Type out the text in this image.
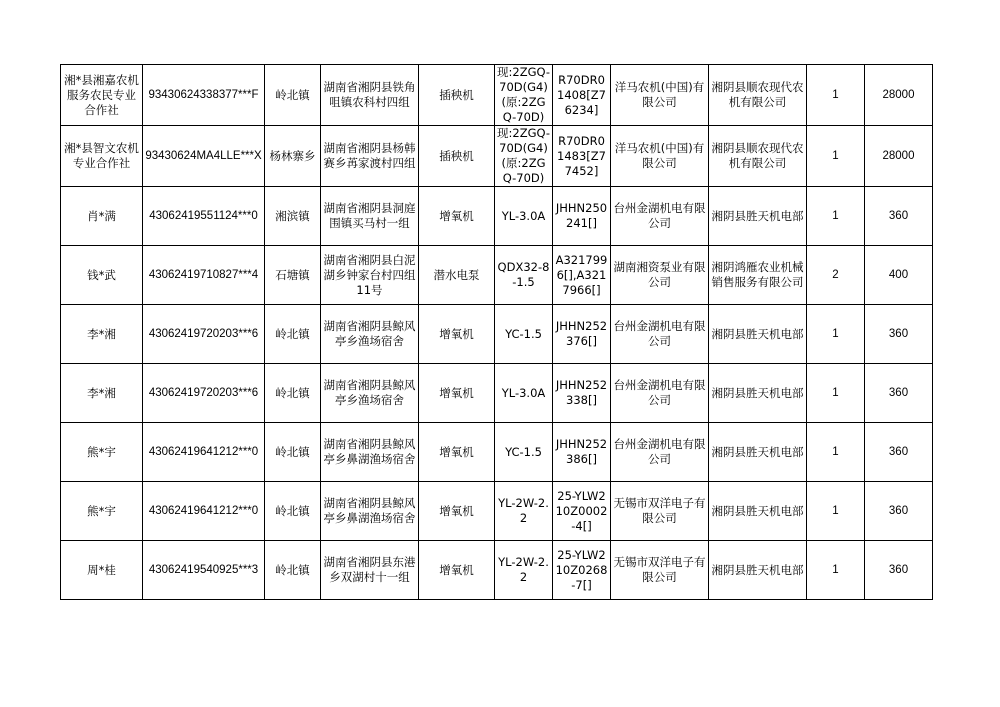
湘*县湘嘉农机服务农民专业合作社	93430624338377***F	岭北镇	湖南省湘阴县铁角咀镇农科村四组	插秧机	现:2ZGQ-70D(G4)(原:2ZGQ-70D)	R70DR01408[Z76234]	洋马农机(中国)有限公司	湘阴县顺农现代农机有限公司	1	28000
湘*县智文农机专业合作社	93430624MA4LLE***X	杨林寨乡	湖南省湘阴县杨韩赛乡苒家渡村四组	插秧机	现:2ZGQ-70D(G4)(原:2ZGQ-70D)	R70DR01483[Z77452]	洋马农机(中国)有限公司	湘阴县顺农现代农机有限公司	1	28000
肖*满	43062419551124***0	湘滨镇	湖南省湘阴县洞庭围镇买马村一组	增氧机	YL-3.0A	JHHN250241[]	台州金湖机电有限公司	湘阴县胜天机电部	1	360
钱*武	43062419710827***4	石塘镇	湖南省湘阴县白泥湖乡钟家台村四组11号	潜水电泵	QDX32-8-1.5	A3217996[],A3217966[]	湖南湘资泵业有限公司	湘阴鸿雁农业机械销售服务有限公司	2	400
李*湘	43062419720203***6	岭北镇	湖南省湘阴县鲸风亭乡渔场宿舍	增氧机	YC-1.5	JHHN252376[]	台州金湖机电有限公司	湘阴县胜天机电部	1	360
李*湘	43062419720203***6	岭北镇	湖南省湘阴县鲸风亭乡渔场宿舍	增氧机	YL-3.0A	JHHN252338[]	台州金湖机电有限公司	湘阴县胜天机电部	1	360
熊*宇	43062419641212***0	岭北镇	湖南省湘阴县鲸风亭乡鼻湖渔场宿舍	增氧机	YC-1.5	JHHN252386[]	台州金湖机电有限公司	湘阴县胜天机电部	1	360
熊*宇	43062419641212***0	岭北镇	湖南省湘阴县鲸风亭乡鼻湖渔场宿舍	增氧机	YL-2W-2.2	25-YLW210Z0002-4[]	无锡市双洋电子有限公司	湘阴县胜天机电部	1	360
周*桂	43062419540925***3	岭北镇	湖南省湘阴县东港乡双湖村十一组	增氧机	YL-2W-2.2	25-YLW210Z0268-7[]	无锡市双洋电子有限公司	湘阴县胜天机电部	1	360
